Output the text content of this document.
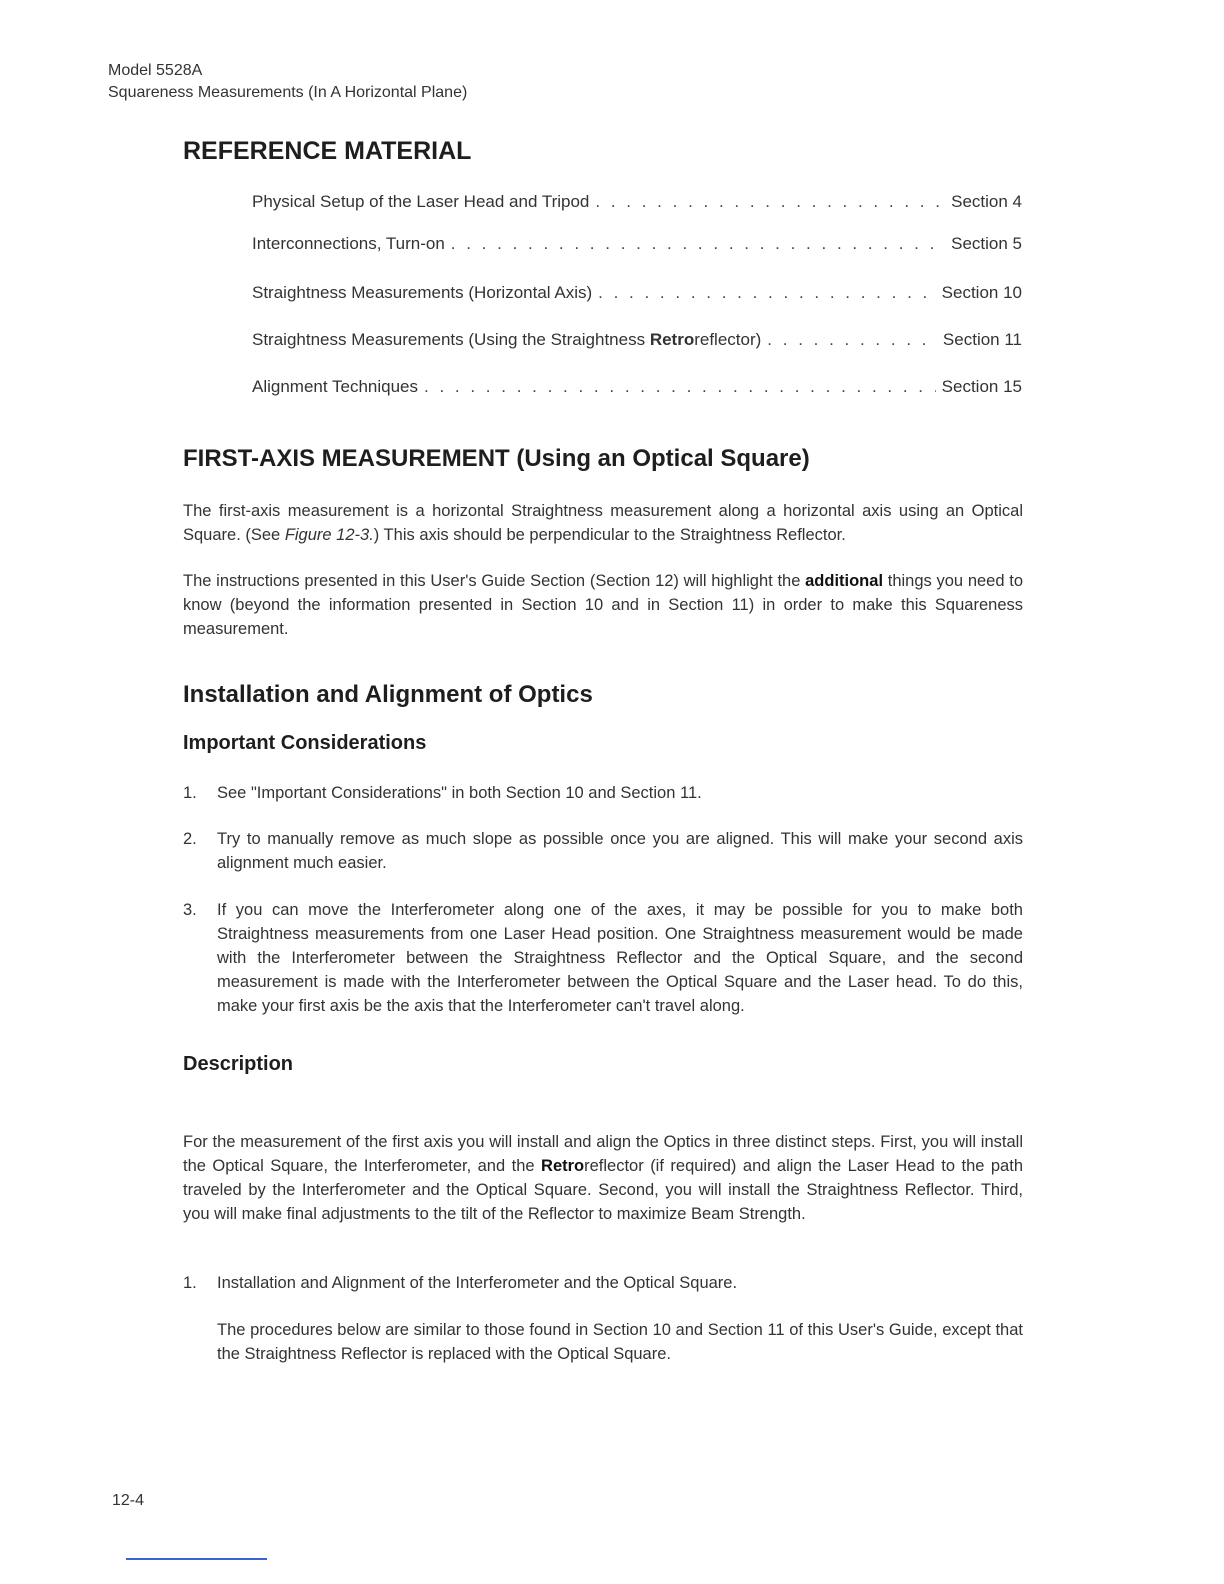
Model 5528A
Squareness Measurements (In A Horizontal Plane)
REFERENCE MATERIAL
Physical Setup of the Laser Head and Tripod . . .	Section 4
Interconnections, Turn-on . . .	Section 5
Straightness Measurements (Horizontal Axis) . . .	Section 10
Straightness Measurements (Using the Straightness Retroreflector) . . .	Section 11
Alignment Techniques . . .	Section 15
FIRST-AXIS MEASUREMENT (Using an Optical Square)

The first-axis measurement is a horizontal Straightness measurement along a horizontal axis using an Optical Square. (See Figure 12-3.) This axis should be perpendicular to the Straightness Reflector.

The instructions presented in this User's Guide Section (Section 12) will highlight the additional things you need to know (beyond the information presented in Section 10 and in Section 11) in order to make this Squareness measurement.

Installation and Alignment of Optics
Important Considerations
1.	See "Important Considerations" in both Section 10 and Section 11.
2.	Try to manually remove as much slope as possible once you are aligned. This will make your second axis alignment much easier.
3.	If you can move the Interferometer along one of the axes, it may be possible for you to make both Straightness measurements from one Laser Head position. One Straightness measurement would be made with the Interferometer between the Straightness Reflector and the Optical Square, and the second measurement is made with the Interferometer between the Optical Square and the Laser head. To do this, make your first axis be the axis that the Interferometer can't travel along.
Description

For the measurement of the first axis you will install and align the Optics in three distinct steps. First, you will install the Optical Square, the Interferometer, and the Retroreflector (if required) and align the Laser Head to the path traveled by the Interferometer and the Optical Square. Second, you will install the Straightness Reflector. Third, you will make final adjustments to the tilt of the Reflector to maximize Beam Strength.

1.	Installation and Alignment of the Interferometer and the Optical Square.

The procedures below are similar to those found in Section 10 and Section 11 of this User's Guide, except that the Straightness Reflector is replaced with the Optical Square.

12-4
